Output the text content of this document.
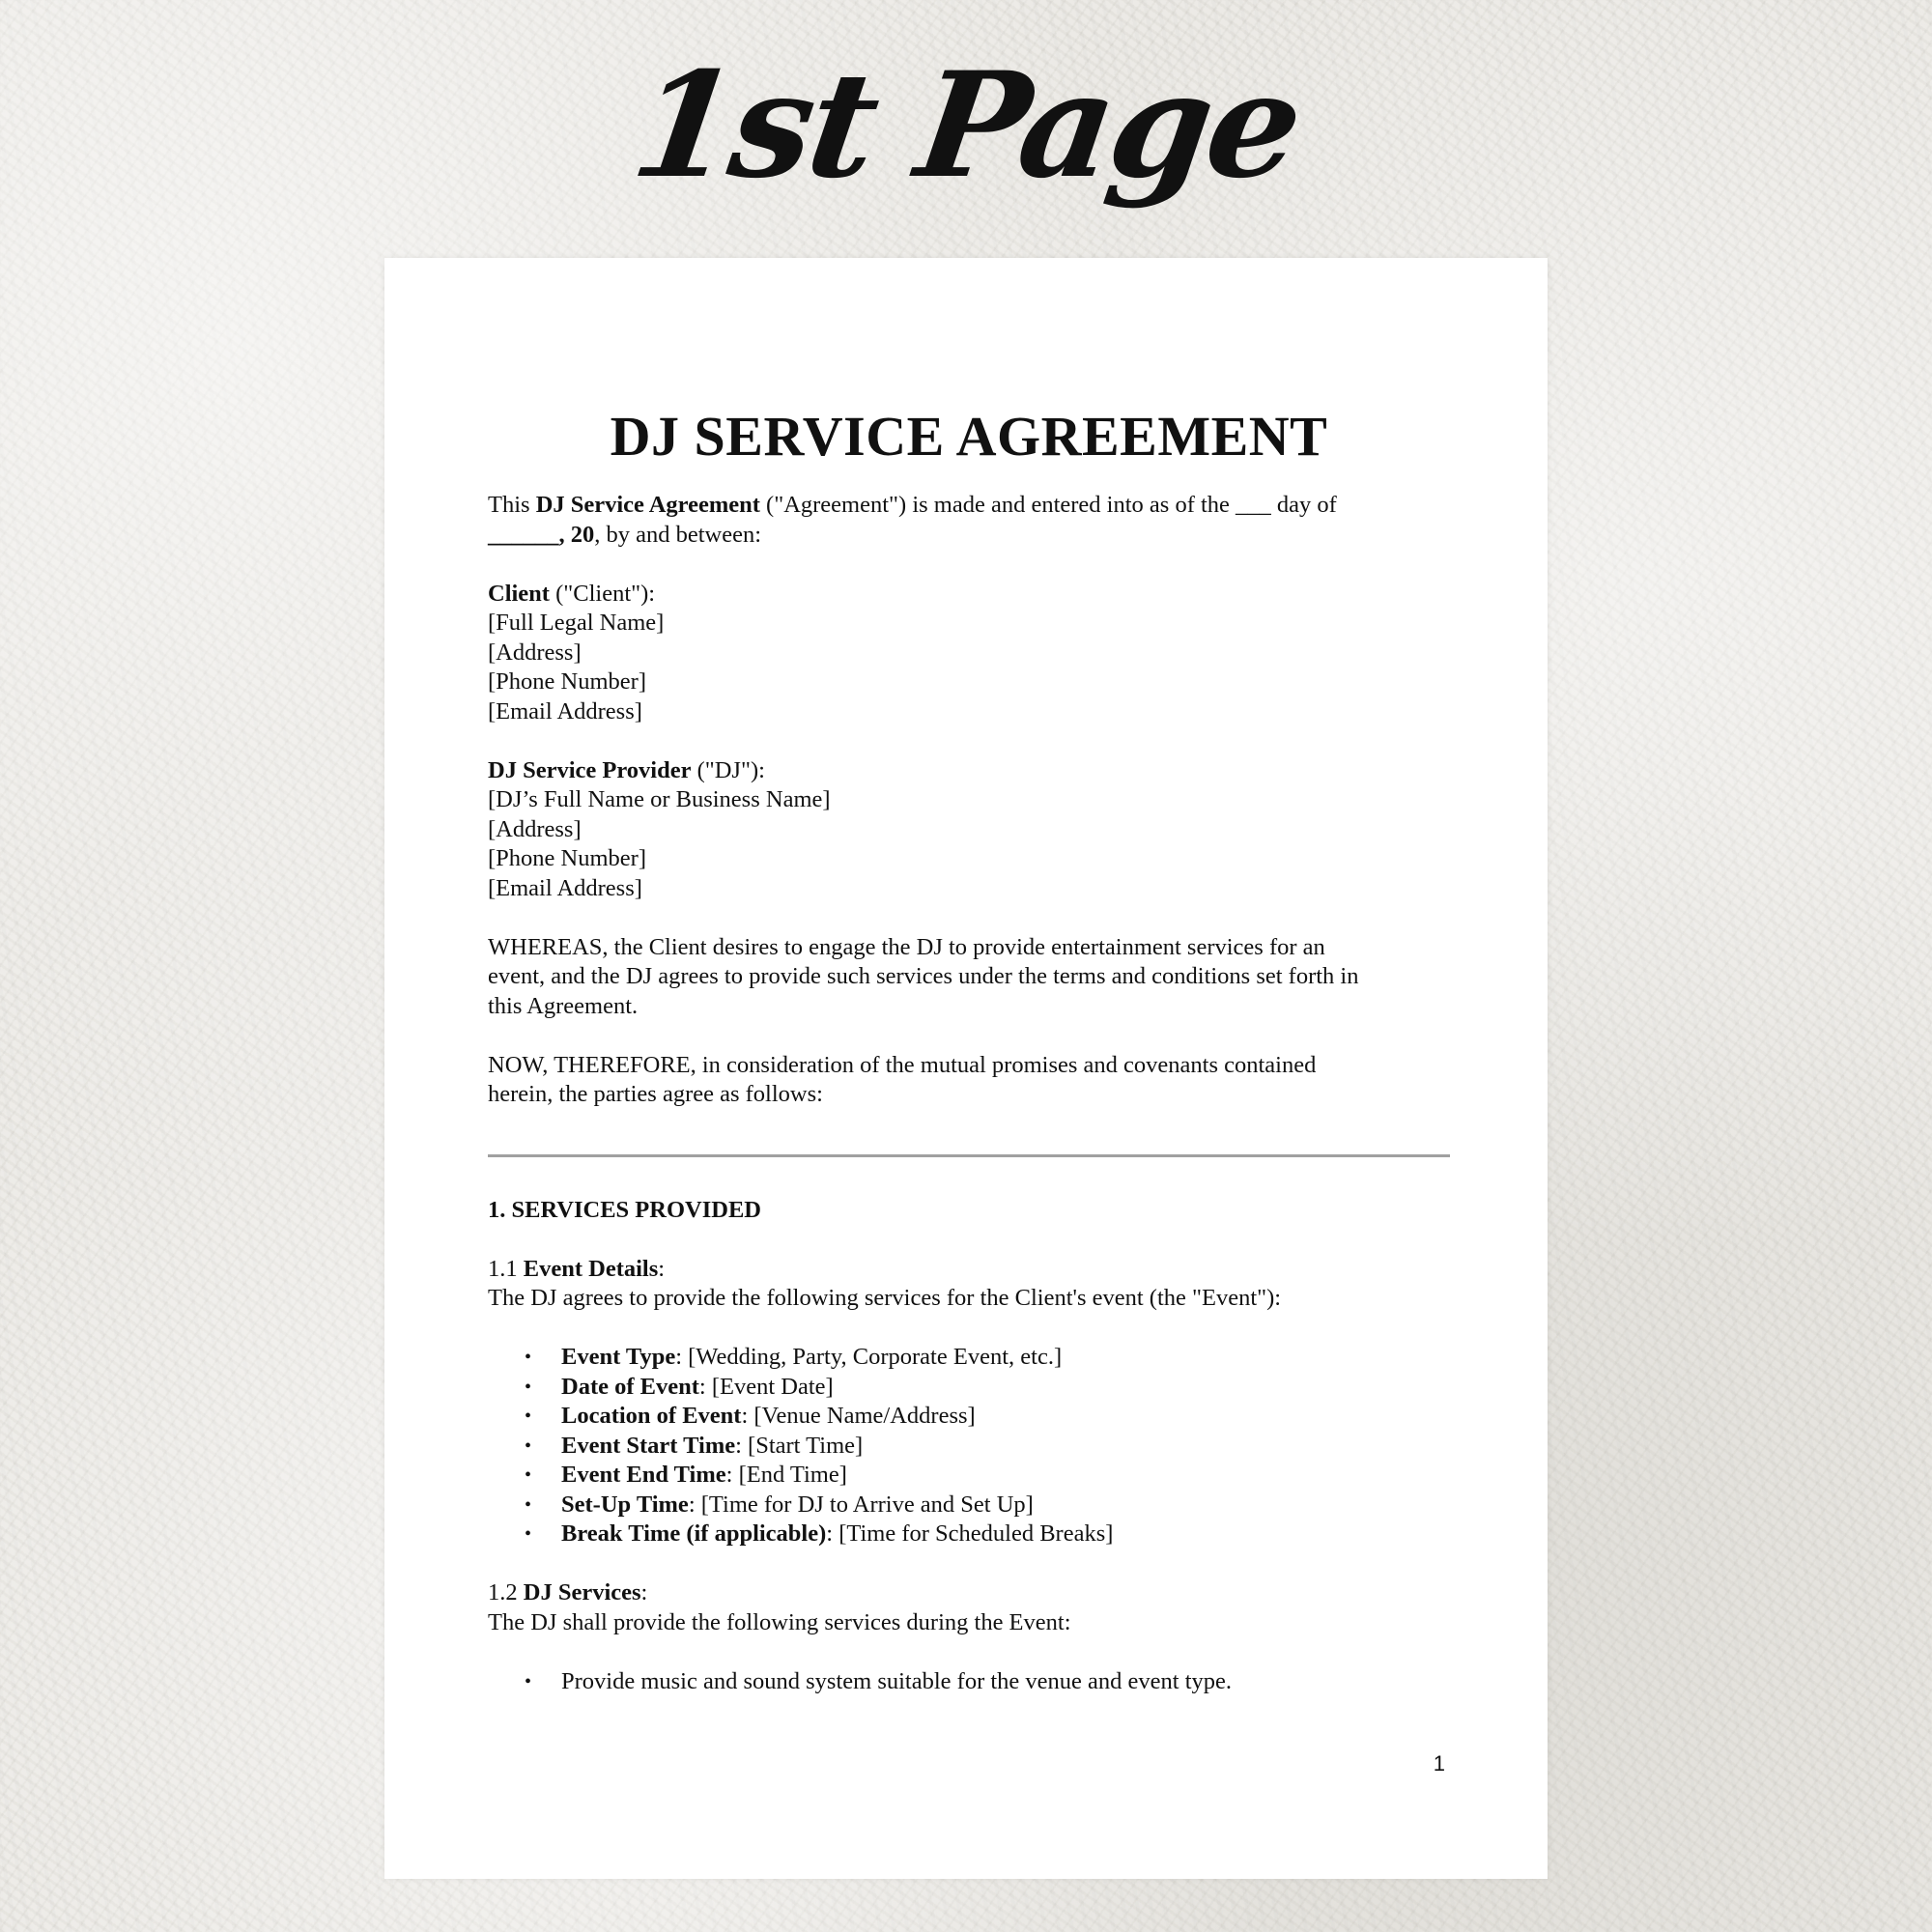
1st Page
DJ SERVICE AGREEMENT
This DJ Service Agreement ("Agreement") is made and entered into as of the ___ day of
______, 20, by and between:
Client ("Client"):
[Full Legal Name]
[Address]
[Phone Number]
[Email Address]
DJ Service Provider ("DJ"):
[DJ’s Full Name or Business Name]
[Address]
[Phone Number]
[Email Address]
WHEREAS, the Client desires to engage the DJ to provide entertainment services for an
event, and the DJ agrees to provide such services under the terms and conditions set forth in
this Agreement.
NOW, THEREFORE, in consideration of the mutual promises and covenants contained
herein, the parties agree as follows:
1. SERVICES PROVIDED
1.1 Event Details:
The DJ agrees to provide the following services for the Client's event (the "Event"):
• Event Type: [Wedding, Party, Corporate Event, etc.]
• Date of Event: [Event Date]
• Location of Event: [Venue Name/Address]
• Event Start Time: [Start Time]
• Event End Time: [End Time]
• Set-Up Time: [Time for DJ to Arrive and Set Up]
• Break Time (if applicable): [Time for Scheduled Breaks]
1.2 DJ Services:
The DJ shall provide the following services during the Event:
• Provide music and sound system suitable for the venue and event type.
1
